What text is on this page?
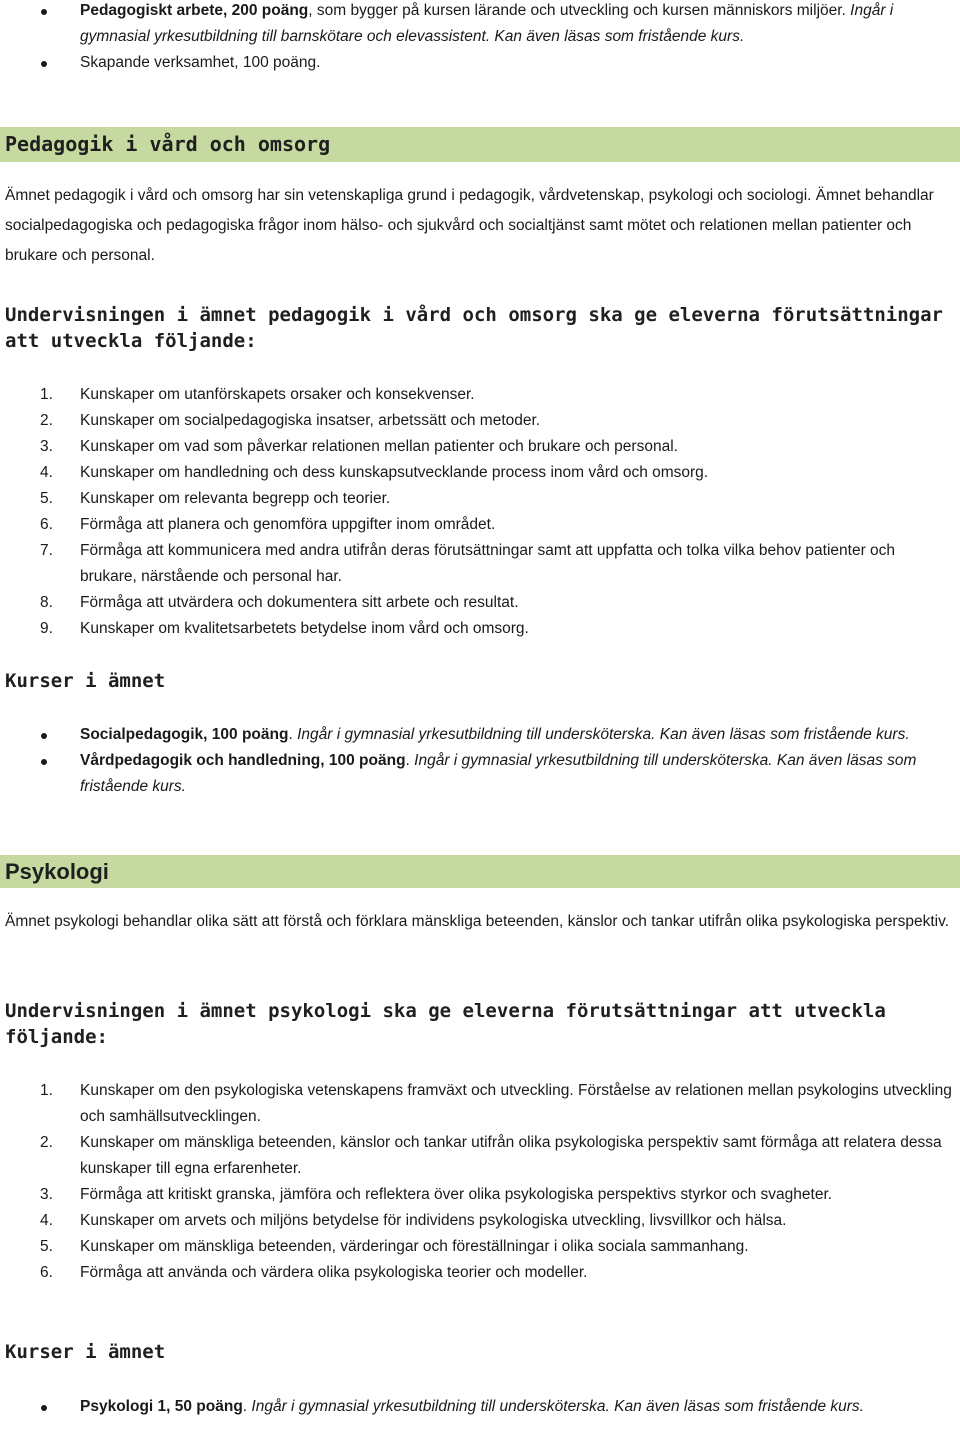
Pedagogiskt arbete, 200 poäng, som bygger på kursen lärande och utveckling och kursen människors miljöer. Ingår i gymnasial yrkesutbildning till barnskötare och elevassistent. Kan även läsas som fristående kurs.
Skapande verksamhet, 100 poäng.
Pedagogik i vård och omsorg

Ämnet pedagogik i vård och omsorg har sin vetenskapliga grund i pedagogik, vårdvetenskap, psykologi och sociologi. Ämnet behandlar socialpedagogiska och pedagogiska frågor inom hälso- och sjukvård och socialtjänst samt mötet och relationen mellan patienter och brukare och personal.

Undervisningen i ämnet pedagogik i vård och omsorg ska ge eleverna förutsättningar att utveckla följande:

1. Kunskaper om utanförskapets orsaker och konsekvenser.
2. Kunskaper om socialpedagogiska insatser, arbetssätt och metoder.
3. Kunskaper om vad som påverkar relationen mellan patienter och brukare och personal.
4. Kunskaper om handledning och dess kunskapsutvecklande process inom vård och omsorg.
5. Kunskaper om relevanta begrepp och teorier.
6. Förmåga att planera och genomföra uppgifter inom området.
7. Förmåga att kommunicera med andra utifrån deras förutsättningar samt att uppfatta och tolka vilka behov patienter och brukare, närstående och personal har.
8. Förmåga att utvärdera och dokumentera sitt arbete och resultat.
9. Kunskaper om kvalitetsarbetets betydelse inom vård och omsorg.

Kurser i ämnet

Socialpedagogik, 100 poäng. Ingår i gymnasial yrkesutbildning till undersköterska. Kan även läsas som fristående kurs.
Vårdpedagogik och handledning, 100 poäng. Ingår i gymnasial yrkesutbildning till undersköterska. Kan även läsas som fristående kurs.
Psykologi

Ämnet psykologi behandlar olika sätt att förstå och förklara mänskliga beteenden, känslor och tankar utifrån olika psykologiska perspektiv.

Undervisningen i ämnet psykologi ska ge eleverna förutsättningar att utveckla följande:

1. Kunskaper om den psykologiska vetenskapens framväxt och utveckling. Förståelse av relationen mellan psykologins utveckling och samhällsutvecklingen.
2. Kunskaper om mänskliga beteenden, känslor och tankar utifrån olika psykologiska perspektiv samt förmåga att relatera dessa kunskaper till egna erfarenheter.
3. Förmåga att kritiskt granska, jämföra och reflektera över olika psykologiska perspektivs styrkor och svagheter.
4. Kunskaper om arvets och miljöns betydelse för individens psykologiska utveckling, livsvillkor och hälsa.
5. Kunskaper om mänskliga beteenden, värderingar och föreställningar i olika sociala sammanhang.
6. Förmåga att använda och värdera olika psykologiska teorier och modeller.

Kurser i ämnet

Psykologi 1, 50 poäng. Ingår i gymnasial yrkesutbildning till undersköterska. Kan även läsas som fristående kurs.
